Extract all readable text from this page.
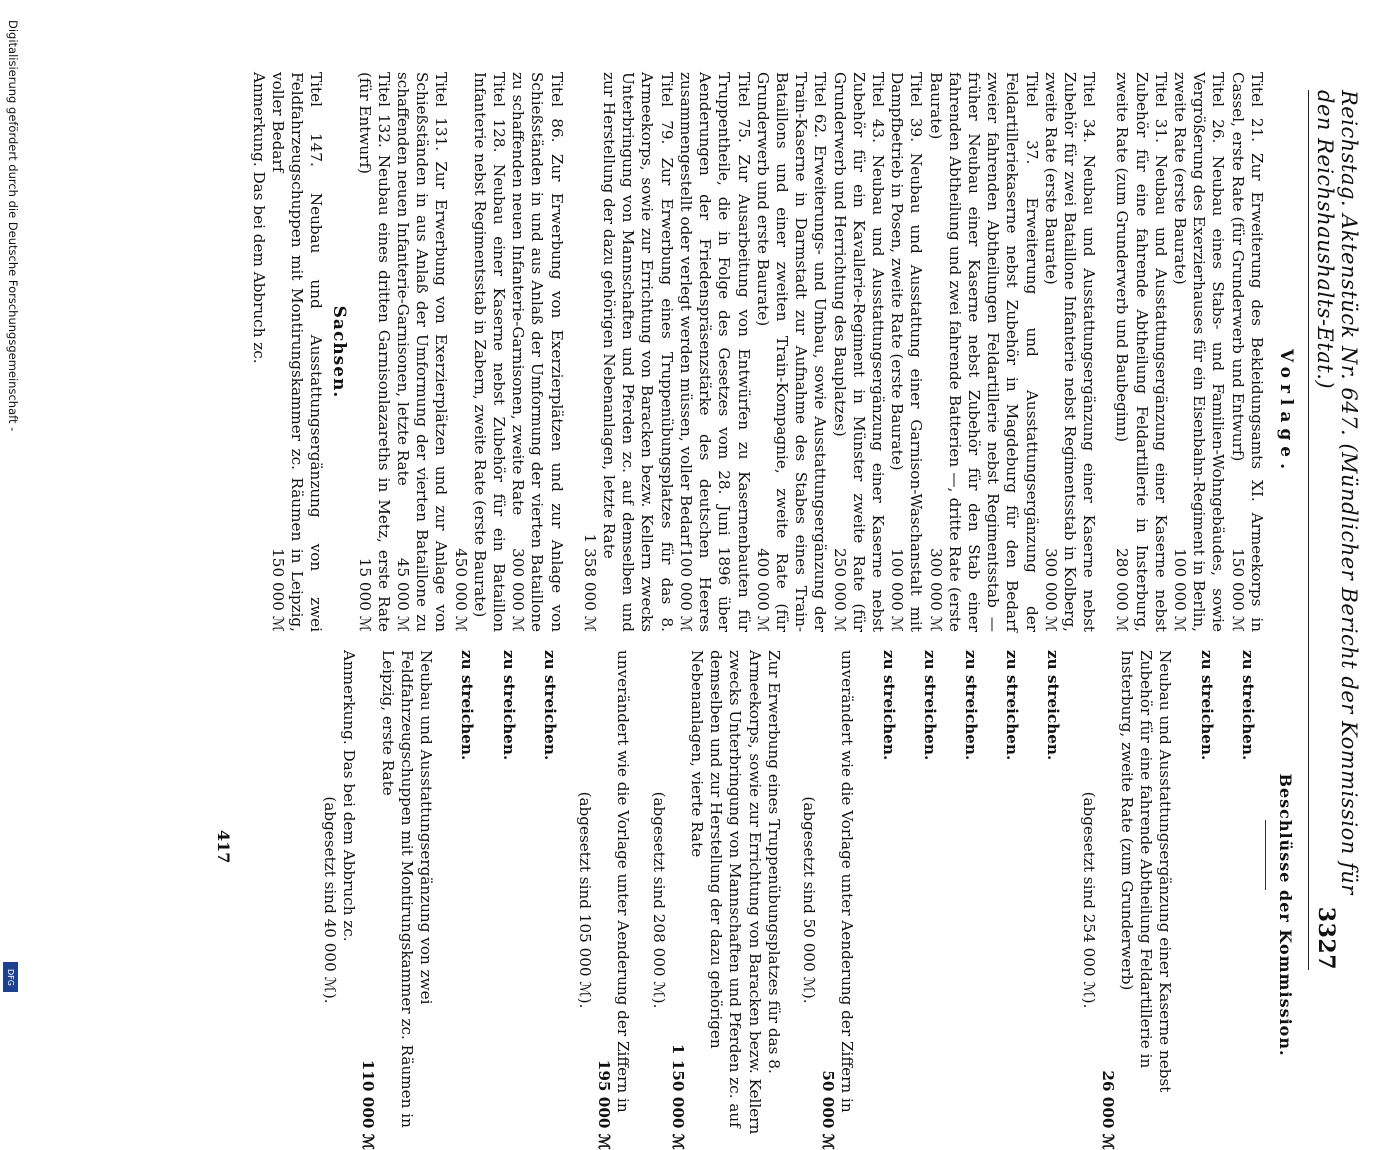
Reichstag. Aktenstück Nr. 647. (Mündlicher Bericht der Kommission für den Reichshaushalts-Etat.)
3327
Vorlage.
Titel 21. Zur Erweiterung des Bekleidungsamts XI. Armeekorps in Cassel, erste Rate (für Grunderwerb und Entwurf)
150 000 ℳ
Titel 26. Neubau eines Stabs- und Familien-Wohngebäudes, sowie Vergrößerung des Exerzierhauses für ein Eisenbahn-Regiment in Berlin, zweite Rate (erste Baurate)
100 000 ℳ
Titel 31. Neubau und Ausstattungsergänzung einer Kaserne nebst Zubehör für eine fahrende Abtheilung Feldartillerie in Insterburg, zweite Rate (zum Grunderwerb und Baubeginn)
280 000 ℳ
Titel 34. Neubau und Ausstattungsergänzung einer Kaserne nebst Zubehör für zwei Bataillone Infanterie nebst Regimentsstab in Kolberg, zweite Rate (erste Baurate)
300 000 ℳ
Titel 37. Erweiterung und Ausstattungsergänzung der Feldartilleriekaserne nebst Zubehör in Magdeburg für den Bedarf zweier fahrenden Abtheilungen Feldartillerie nebst Regimentsstab — früher Neubau einer Kaserne nebst Zubehör für den Stab einer fahrenden Abtheilung und zwei fahrende Batterien —, dritte Rate (erste Baurate)
300 000 ℳ
Titel 39. Neubau und Ausstattung einer Garnison-Waschanstalt mit Dampfbetrieb in Posen, zweite Rate (erste Baurate)
100 000 ℳ
Titel 43. Neubau und Ausstattungsergänzung einer Kaserne nebst Zubehör für ein Kavallerie-Regiment in Münster zweite Rate (für Grunderwerb und Herrichtung des Bauplatzes)
250 000 ℳ
Titel 62. Erweiterungs- und Umbau, sowie Ausstattungsergänzung der Train-Kaserne in Darmstadt zur Aufnahme des Stabes eines Train-Bataillons und einer zweiten Train-Kompagnie, zweite Rate (für Grunderwerb und erste Baurate)
400 000 ℳ
Titel 75. Zur Ausarbeitung von Entwürfen zu Kasernenbauten für Truppentheile, die in Folge des Gesetzes vom 28. Juni 1896 über Aenderungen der Friedenspräsenzstärke des deutschen Heeres zusammengestellt oder verlegt werden müssen, voller Bedarf
100 000 ℳ
Titel 79. Zur Erwerbung eines Truppenübungsplatzes für das 8. Armeekorps, sowie zur Errichtung von Baracken bezw. Kellern zwecks Unterbringung von Mannschaften und Pferden zc. auf demselben und zur Herstellung der dazu gehörigen Nebenanlagen, letzte Rate
1 358 000 ℳ
Titel 86. Zur Erwerbung von Exerzierplätzen und zur Anlage von Schießständen in und aus Anlaß der Umformung der vierten Bataillone zu schaffenden neuen Infanterie-Garnisonen, zweite Rate
300 000 ℳ
Titel 128. Neubau einer Kaserne nebst Zubehör für ein Bataillon Infanterie nebst Regimentsstab in Zabern, zweite Rate (erste Baurate)
450 000 ℳ
Titel 131. Zur Erwerbung von Exerzierplätzen und zur Anlage von Schießständen in aus Anlaß der Umformung der vierten Bataillone zu schaffenden neuen Infanterie-Garnisonen, letzte Rate
45 000 ℳ
Titel 132. Neubau eines dritten Garnisonlazareths in Metz, erste Rate (für Entwurf)
15 000 ℳ
Sachsen.
Titel 147. Neubau und Ausstattungsergänzung von zwei Feldfahrzeugschuppen mit Montirungskammer zc. Räumen in Leipzig, voller Bedarf
150 000 ℳ
Anmerkung. Das bei dem Abbruch zc.
Beschlüsse der Kommission.
zu streichen.
zu streichen.
Neubau und Ausstattungsergänzung einer Kaserne nebst Zubehör für eine fahrende Abtheilung Feldartillerie in Insterburg, zweite Rate (zum Grunderwerb)
26 000 ℳ
(abgesetzt sind 254 000 ℳ).
zu streichen.
zu streichen.
zu streichen.
zu streichen.
zu streichen.
unverändert wie die Vorlage unter Aenderung der Ziffern in
50 000 ℳ
(abgesetzt sind 50 000 ℳ).
Zur Erwerbung eines Truppenübungsplatzes für das 8. Armeekorps, sowie zur Errichtung von Baracken bezw. Kellern zwecks Unterbringung von Mannschaften und Pferden zc. auf demselben und zur Herstellung der dazu gehörigen Nebenanlagen, vierte Rate
1 150 000 ℳ
(abgesetzt sind 208 000 ℳ).
unverändert wie die Vorlage unter Aenderung der Ziffern in
195 000 ℳ
(abgesetzt sind 105 000 ℳ).
zu streichen.
zu streichen.
zu streichen.
Neubau und Ausstattungsergänzung von zwei Feldfahrzeugschuppen mit Montirungskammer zc. Räumen in Leipzig, erste Rate
110 000 ℳ
Anmerkung. Das bei dem Abbruch zc.
(abgesetzt sind 40 000 ℳ).
417
Digitalisierung gefördert durch die Deutsche Forschungsgemeinschaft -
DFG
